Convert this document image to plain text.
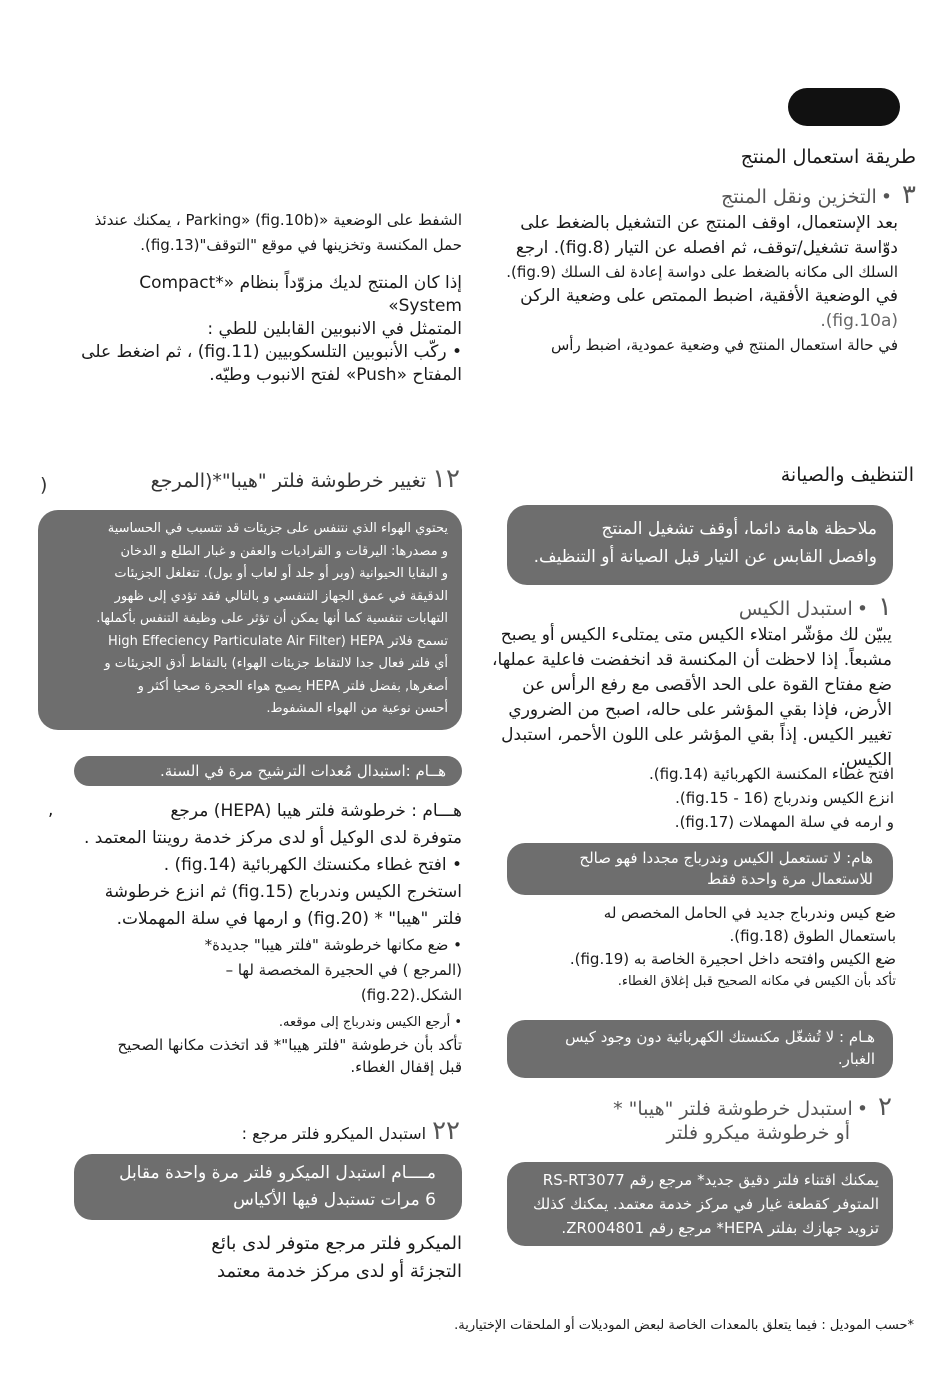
طريقة استعمال المنتج
٣•التخزين ونقل المنتج
بعد الإستعمال، اوقف المنتج عن التشغيل بالضغط على
دوّاسة تشغيل/توقف، ثم افصله عن التيار (fig.8). ارجع
السلك الى مكانه بالضغط على دواسة إعادة لف السلك (fig.9).
في الوضعية الأفقية، اضبط الممتص على وضعية الركن
(fig.10a).
في حالة استعمال المنتج في وضعية عمودية، اضبط رأس
الشفط على الوضعية «Parking» (fig.10b) ، يمكنك عندئذ
حمل المكنسة وتخزينها في موقع "التوقف"(fig.13).
إذا كان المنتج لديك مزوّداً بنظام «*Compact System»
المتمثل في الانبوبين القابلين للطي :
• ركّب الأنبوبين التلسكوبيين (fig.11) ، ثم اضغط على
المفتاح «Push» لفتح الانبوب وطيّه.
التنظيف والصيانة
ملاحظة هامة دائما، أوقف تشغيل المنتج
وافصل القابس عن التيار قبل الصيانة أو التنظيف.
١•استبدل الكيس
يبيّن لك مؤشّر امتلاء الكيس متى يمتلىء الكيس أو يصبح
مشبعاً. إذا لاحظت أن المكنسة قد انخفضت فاعلية عملها،
ضع مفتاح القوة على الحد الأقصى مع رفع الرأس عن
الأرض، فإذا بقي المؤشر على حاله، اصبح من الضروري
تغيير الكيس. إذاً بقي المؤشر على اللون الأحمر، استبدل
الكيس.
افتح غطاء المكنسة الكهربائية (fig.14).
انزع الكيس وندرباج (16 - fig.15).
و ارمه في سلة المهملات (fig.17).
هام: لا تستعمل الكيس وندرباج مجددا فهو صالح
للاستعمال مرة واحدة فقط
ضع كيس وندرباج جديد في الحامل المخصص له
باستعمال الطوق (fig.18).
ضع الكيس وافتحه داخل احجيرة الخاصة به (fig.19).
تأكد بأن الكيس في مكانه الصحيح قبل إغلاق الغطاء.
هـام : لا تُشغّل مكنستك الكهربائية دون وجود كيس
الغبار.
٢•استبدل خرطوشة فلتر "هيبا" *
أو خرطوشة ميكرو فلتر
يمكنك اقتناء فلتر دقيق جديد* مرجع رقم RS-RT3077
المتوفر كقطعة غيار في مركز خدمة معتمد. يمكنك كذلك
تزويد جهازك بفلتر HEPA* مرجع رقم ZR004801.
١٢تغيير خرطوشة فلتر "هيبا"*(المرجع
)
يحتوي الهواء الذي نتنفس على جزيئات قد تتسبب في الحساسية
و مصدرها: اليرقات و القراديات والعفن و غبار الطلع و الدخان
و البقايا الحيوانية (وبر أو جلد أو لعاب أو بول). تتغلغل الجزيئات
الدقيقة في عمق الجهاز التنفسي و بالتالي فقد تؤدي إلى ظهور
التهابات تنفسية كما أنها يمكن أن تؤثر على وظيفة التنفس بأكملها.
تسمح فلاتر High Effeciency Particulate Air Filter) HEPA
أي فلتر فعال جدا لالتقاط جزيئات الهواء) بالتقاط أدق الجزيئات و
أصغرها, بفضل فلتر HEPA يصبح هواء الحجرة صحيا أكثر و
أحسن نوعية من الهواء المشفوط.
هــام :استبدال مُعدات الترشيح مرة في السنة.
,	هـــام : خرطوشة فلتر هيبا (HEPA) مرجع
متوفرة لدى الوكيل أو لدى مركز خدمة روينتا المعتمد .
• افتح غطاء مكنستك الكهربائية (fig.14) .
استخرج الكيس وندرباج (fig.15) ثم انزع خرطوشة
فلتر "هيبا" * (fig.20) و ارمها في سلة المهملات.
• ضع مكانها خرطوشة "فلتر هيبا" جديدة*
(المرجع ) في الحجيرة المخصصة لها –
الشكل.(fig.22)
• أرجع الكيس وندرباج إلى موقعه.
تأكد بأن خرطوشة "فلتر هيبا"* قد اتخذت مكانها الصحيح
قبل إقفال الغطاء.
٢٢استبدل الميكرو فلتر مرجع :
مــــام استبدل الميكرو فلتر مرة واحدة مقابل
6 مرات تستبدل فيها الأكياس
الميكرو فلتر مرجع متوفر لدى بائع
التجزئة أو لدى مركز خدمة معتمد
*حسب الموديل : فيما يتعلق بالمعدات الخاصة لبعض الموديلات أو الملحقات الإختيارية.
